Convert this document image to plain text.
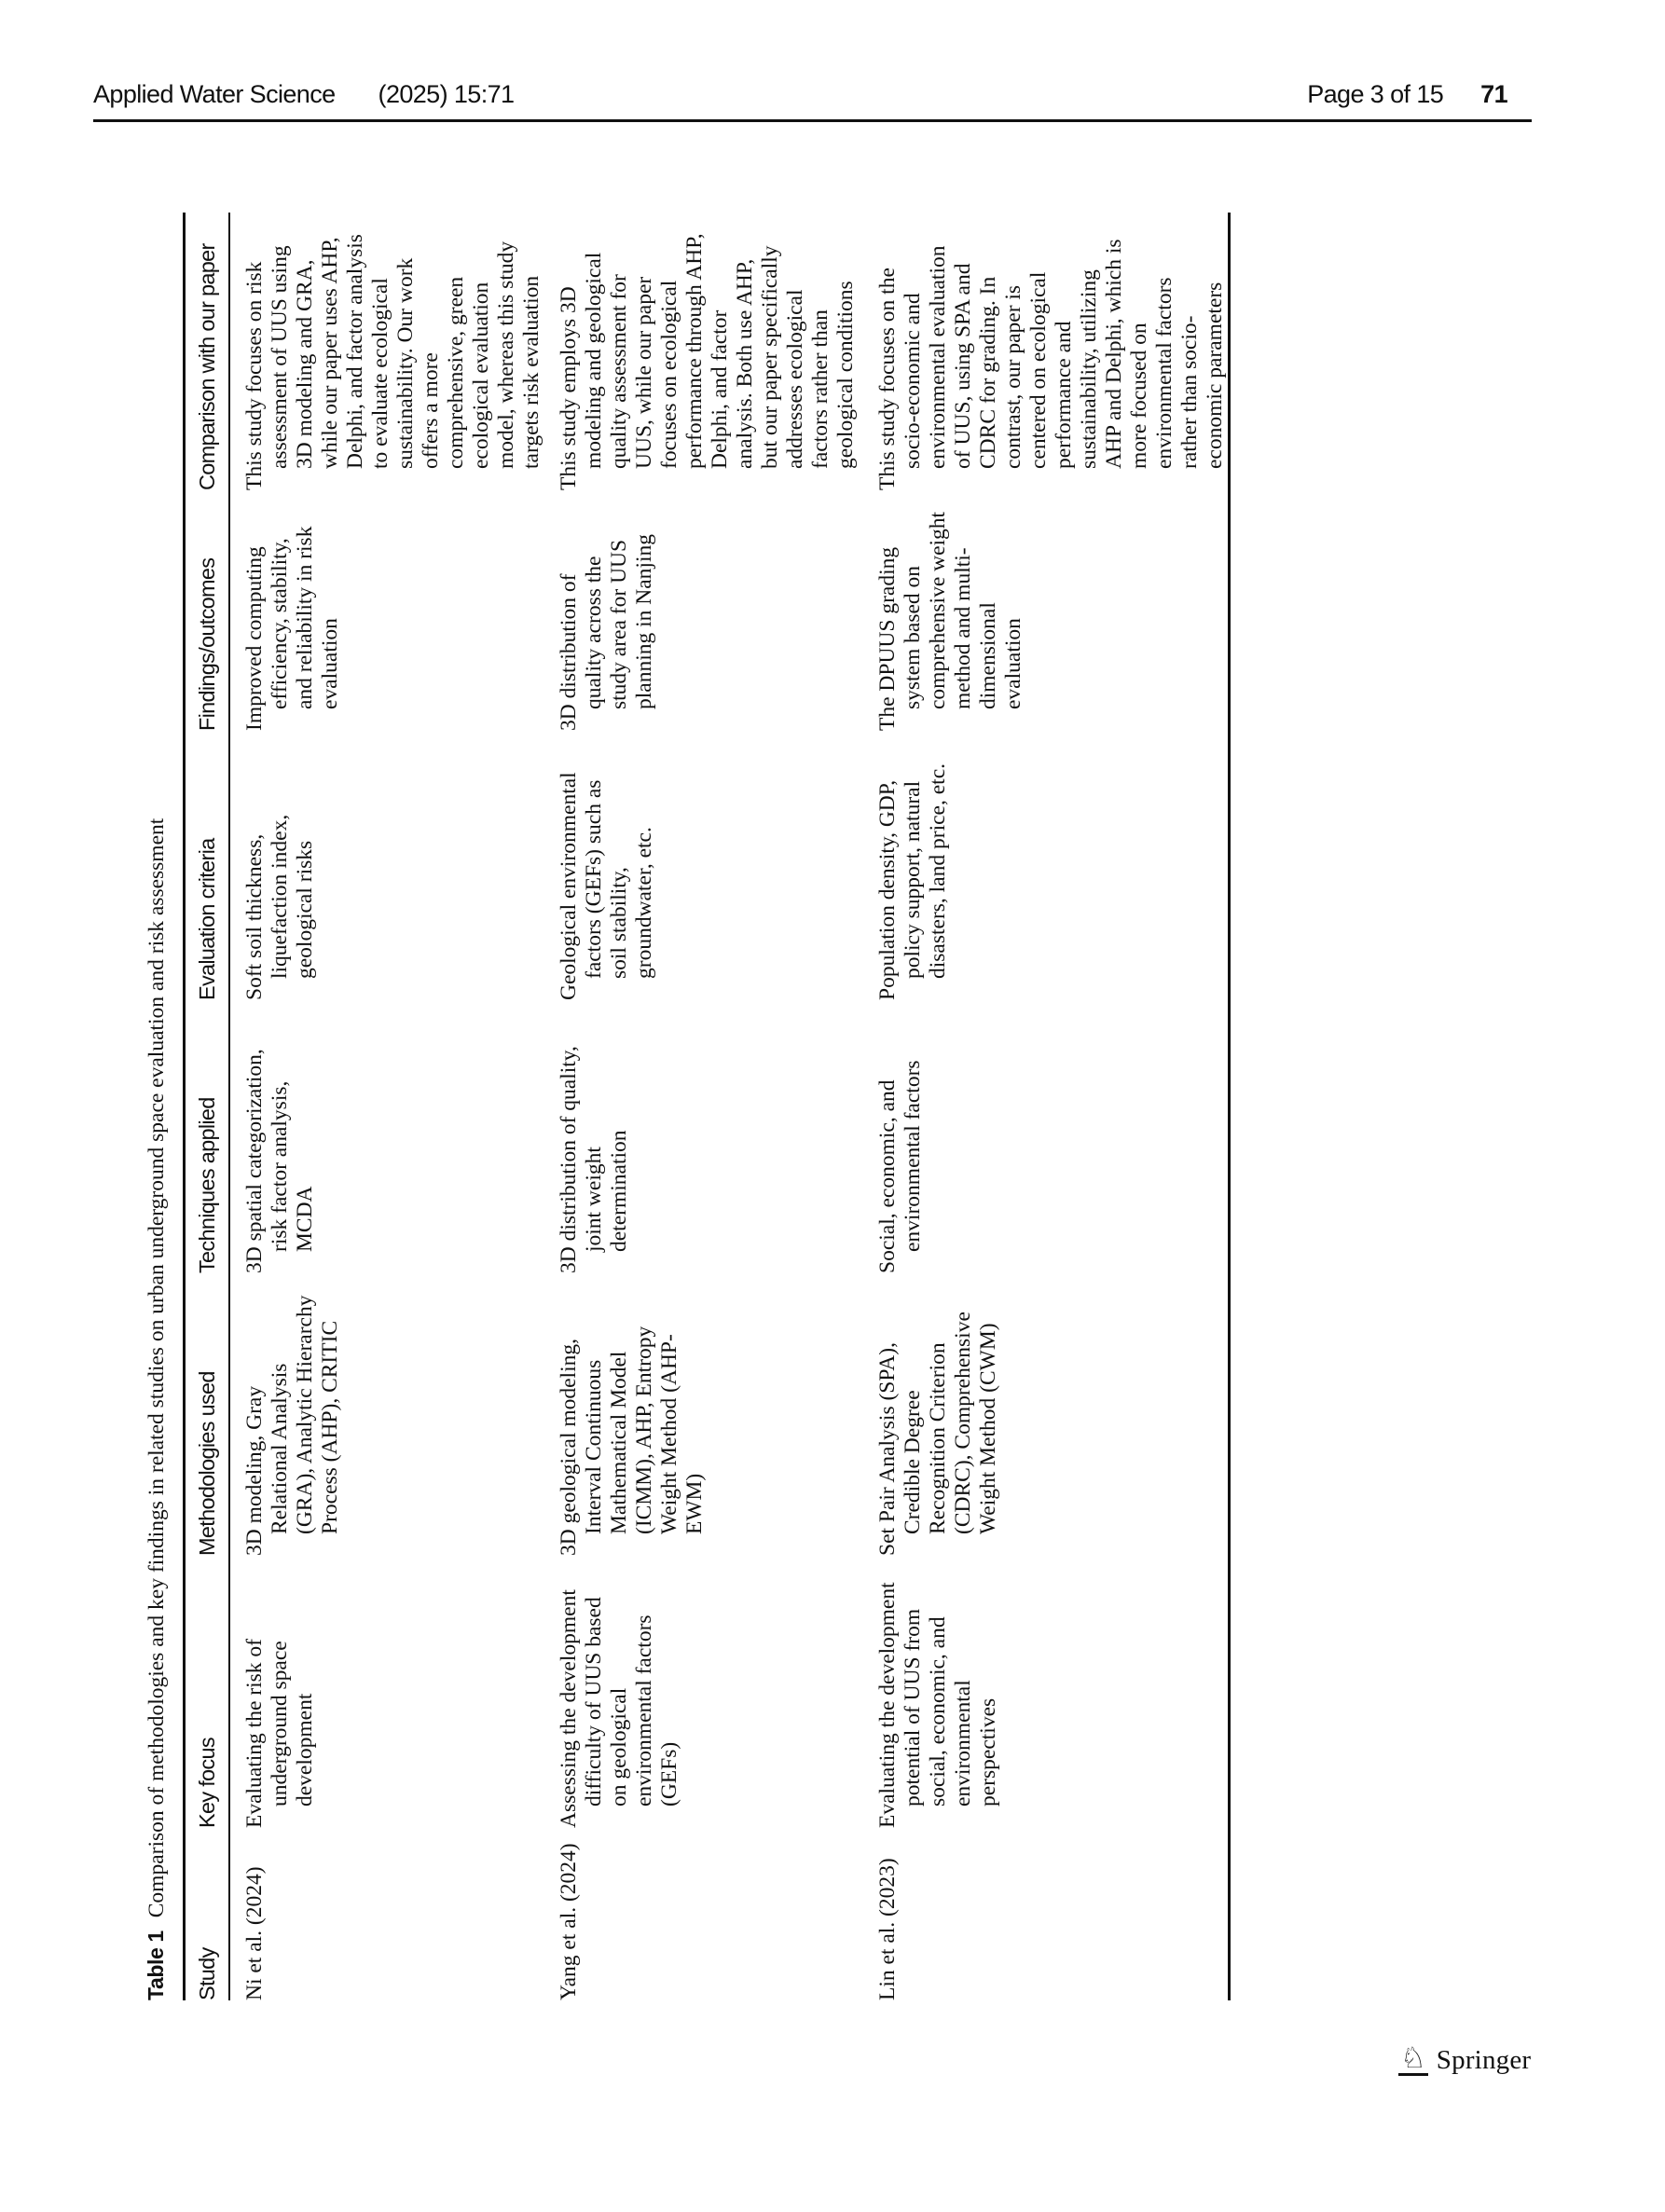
Applied Water Science (2025) 15:71	Page 3 of 15 71

Table 1Comparison of methodologies and key findings in related studies on urban underground space evaluation and risk assessment

Study	Key focus	Methodologies used	Techniques applied	Evaluation criteria	Findings/outcomes	Comparison with our paper

Ni et al. (2024)	Evaluating the risk of underground space development	3D modeling, Gray Relational Analysis (GRA), Analytic Hierarchy Process (AHP), CRITIC	3D spatial categorization, risk factor analysis, MCDA	Soft soil thickness, liquefaction index, geological risks	Improved computing efficiency, stability, and reliability in risk evaluation	This study focuses on risk assessment of UUS using 3D modeling and GRA, while our paper uses AHP, Delphi, and factor analysis to evaluate ecological sustainability. Our work offers a more comprehensive, green ecological evaluation model, whereas this study targets risk evaluation

Yang et al. (2024)	Assessing the development difficulty of UUS based on geological environmental factors (GEFs)	3D geological modeling, Interval Continuous Mathematical Model (ICMM), AHP, Entropy Weight Method (AHP-EWM)	3D distribution of quality, joint weight determination	Geological environmental factors (GEFs) such as soil stability, groundwater, etc.	3D distribution of quality across the study area for UUS planning in Nanjing	This study employs 3D modeling and geological quality assessment for UUS, while our paper focuses on ecological performance through AHP, Delphi, and factor analysis. Both use AHP, but our paper specifically addresses ecological factors rather than geological conditions

Lin et al. (2023)	Evaluating the development potential of UUS from social, economic, and environmental perspectives	Set Pair Analysis (SPA), Credible Degree Recognition Criterion (CDRC), Comprehensive Weight Method (CWM)	Social, economic, and environmental factors	Population density, GDP, policy support, natural disasters, land price, etc.	The DPUUS grading system based on comprehensive weight method and multi-dimensional evaluation	This study focuses on the socio-economic and environmental evaluation of UUS, using SPA and CDRC for grading. In contrast, our paper is centered on ecological performance and sustainability, utilizing AHP and Delphi, which is more focused on environmental factors rather than socio-economic parameters
♘ Springer
